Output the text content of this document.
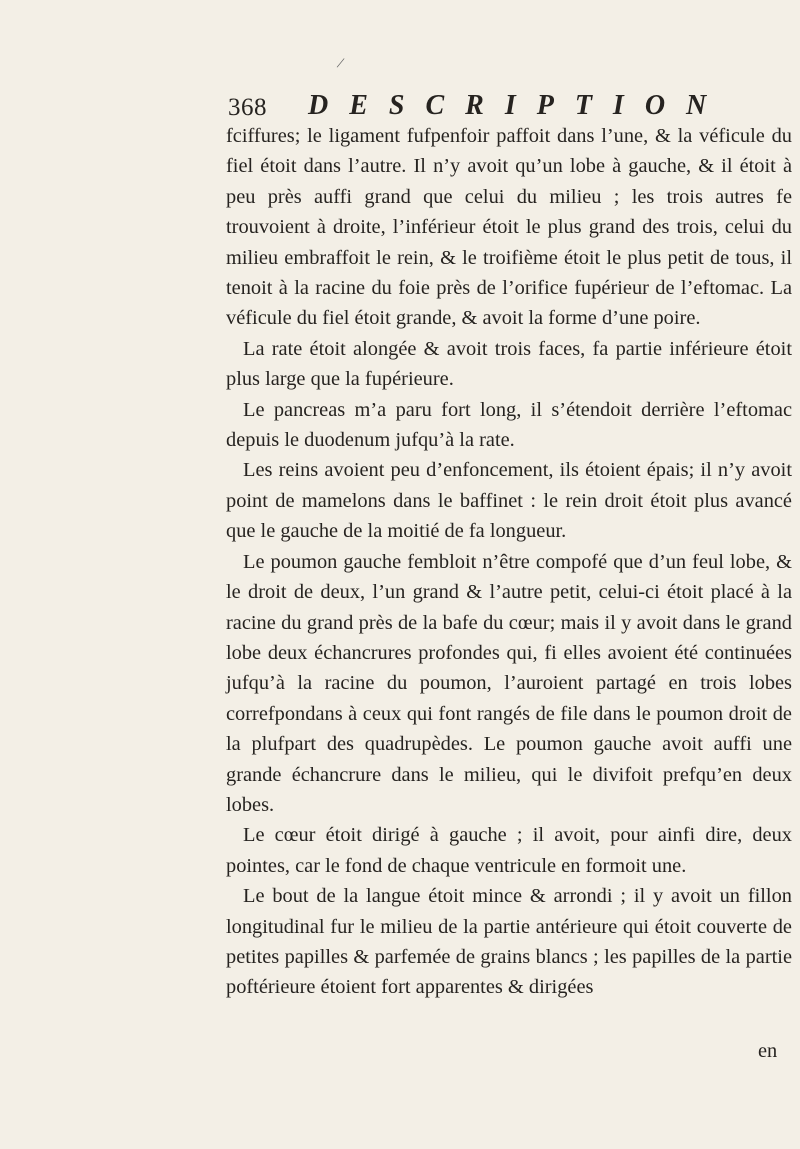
/
368 DESCRIPTION

fciffures; le ligament fufpenfoir paffoit dans l’une, & la véficule du fiel étoit dans l’autre. Il n’y avoit qu’un lobe à gauche, & il étoit à peu près auffi grand que celui du milieu ; les trois autres fe trouvoient à droite, l’inférieur étoit le plus grand des trois, celui du milieu embraffoit le rein, & le troifième étoit le plus petit de tous, il tenoit à la racine du foie près de l’orifice fupérieur de l’eftomac. La véficule du fiel étoit grande, & avoit la forme d’une poire.

La rate étoit alongée & avoit trois faces, fa partie inférieure étoit plus large que la fupérieure.

Le pancreas m’a paru fort long, il s’étendoit derrière l’eftomac depuis le duodenum jufqu’à la rate.

Les reins avoient peu d’enfoncement, ils étoient épais; il n’y avoit point de mamelons dans le baffinet : le rein droit étoit plus avancé que le gauche de la moitié de fa longueur.

Le poumon gauche fembloit n’être compofé que d’un feul lobe, & le droit de deux, l’un grand & l’autre petit, celui-ci étoit placé à la racine du grand près de la bafe du cœur; mais il y avoit dans le grand lobe deux échancrures profondes qui, fi elles avoient été continuées jufqu’à la racine du poumon, l’auroient partagé en trois lobes correfpondans à ceux qui font rangés de file dans le poumon droit de la plufpart des quadrupèdes. Le poumon gauche avoit auffi une grande échancrure dans le milieu, qui le divifoit prefqu’en deux lobes.

Le cœur étoit dirigé à gauche ; il avoit, pour ainfi dire, deux pointes, car le fond de chaque ventricule en formoit une.

Le bout de la langue étoit mince & arrondi ; il y avoit un fillon longitudinal fur le milieu de la partie antérieure qui étoit couverte de petites papilles & parfemée de grains blancs ; les papilles de la partie poftérieure étoient fort apparentes & dirigées

en
